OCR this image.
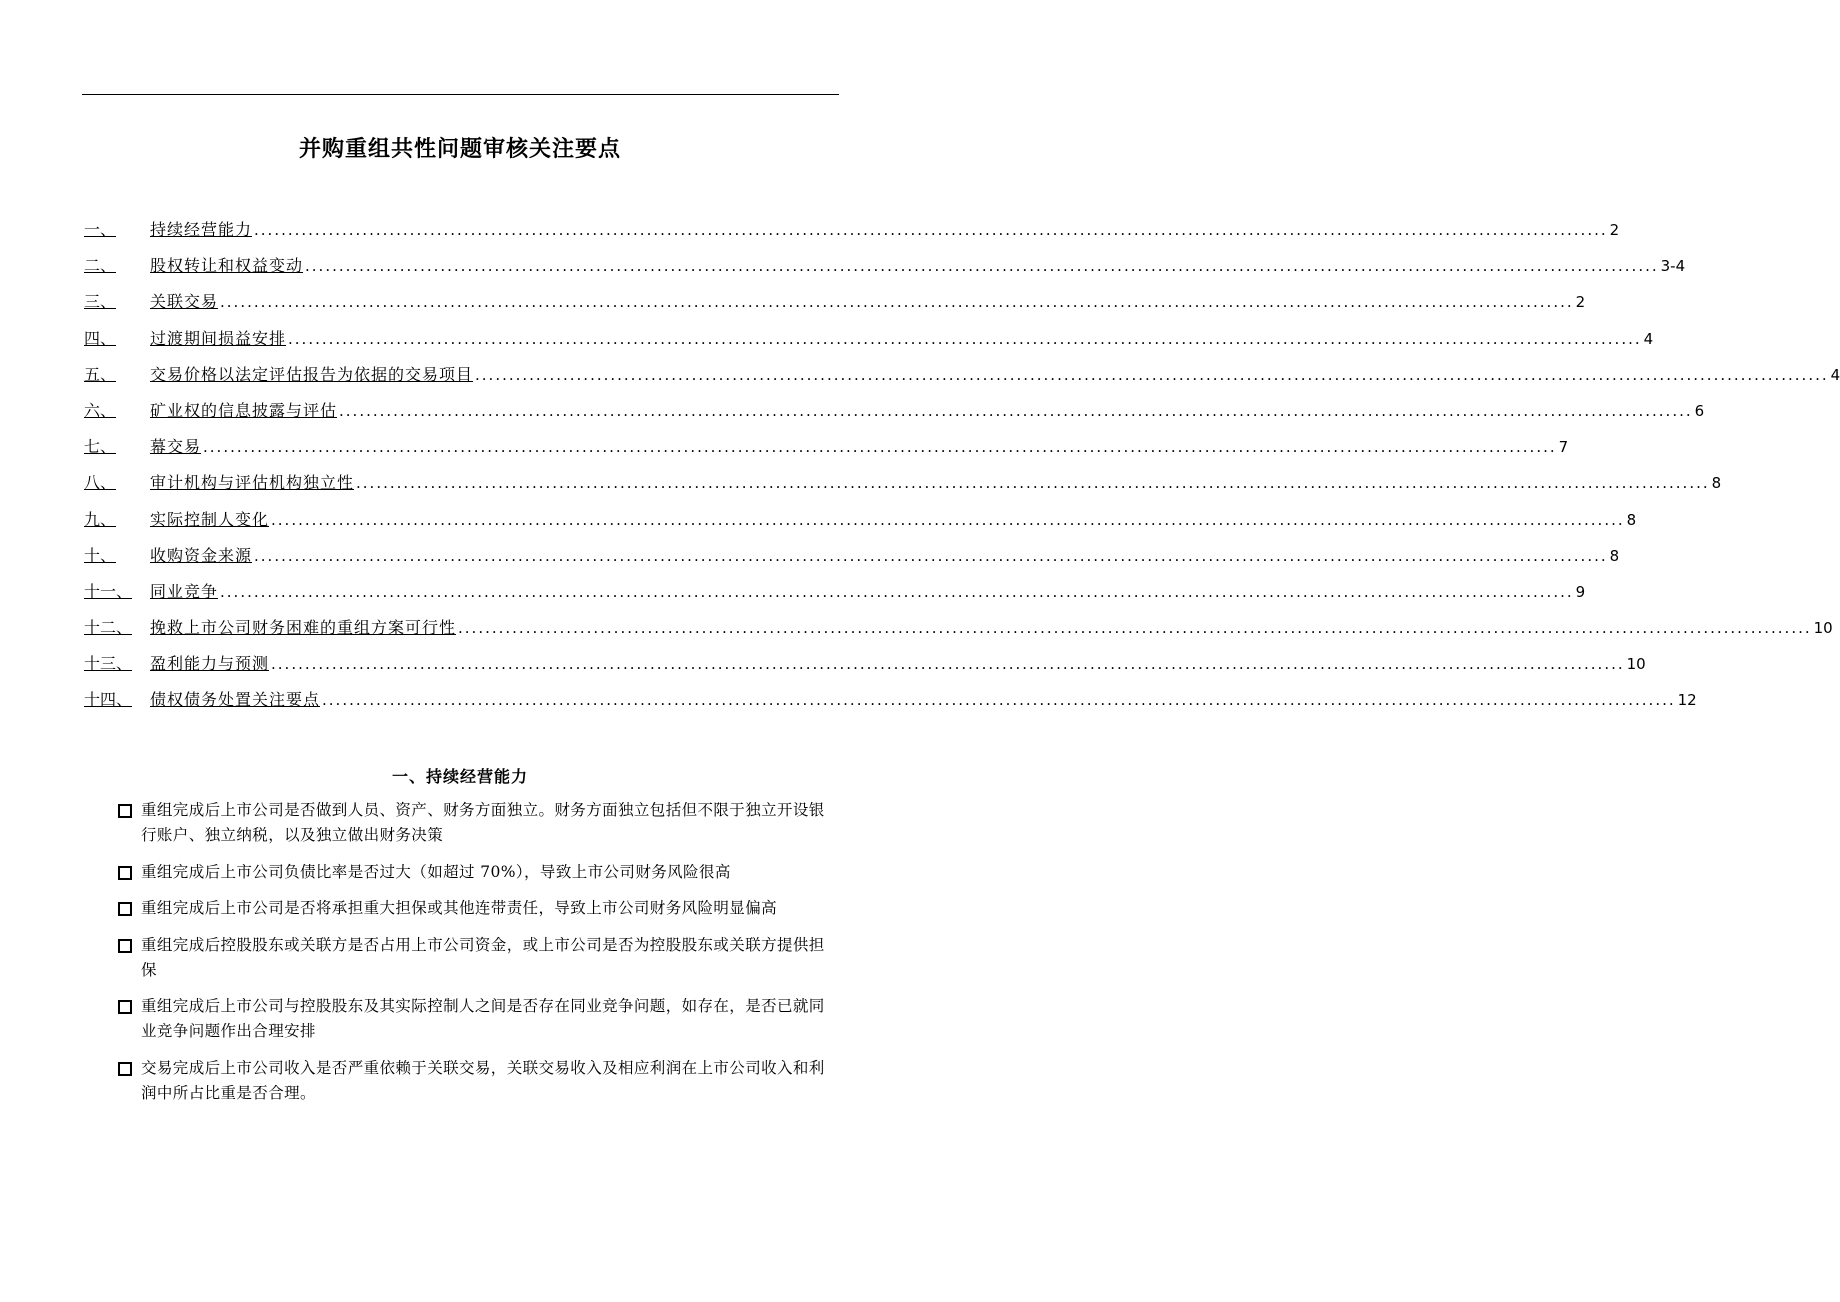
并购重组共性问题审核关注要点
一、	持续经营能力 ........................................................................................................................................................................................................ 2
二、	股权转让和权益变动 ........................................................................................................................................................................................................ 3-4
三、	关联交易 ........................................................................................................................................................................................................ 2
四、	过渡期间损益安排 ........................................................................................................................................................................................................ 4
五、	交易价格以法定评估报告为依据的交易项目 ........................................................................................................................................................................................................ 4
六、	矿业权的信息披露与评估 ........................................................................................................................................................................................................ 6
七、	幕交易 ........................................................................................................................................................................................................ 7
八、	审计机构与评估机构独立性 ........................................................................................................................................................................................................ 8
九、	实际控制人变化 ........................................................................................................................................................................................................ 8
十、	收购资金来源 ........................................................................................................................................................................................................ 8
十一、	同业竞争 ........................................................................................................................................................................................................ 9
十二、	挽救上市公司财务困难的重组方案可行性 ........................................................................................................................................................................................................ 10
十三、	盈利能力与预测 ........................................................................................................................................................................................................ 10
十四、	债权债务处置关注要点 ........................................................................................................................................................................................................ 12
一、持续经营能力
重组完成后上市公司是否做到人员、资产、财务方面独立。财务方面独立包括但不限于独立开设银行账户、独立纳税，以及独立做出财务决策
重组完成后上市公司负债比率是否过大（如超过 70%），导致上市公司财务风险很高
重组完成后上市公司是否将承担重大担保或其他连带责任，导致上市公司财务风险明显偏高
重组完成后控股股东或关联方是否占用上市公司资金，或上市公司是否为控股股东或关联方提供担保
重组完成后上市公司与控股股东及其实际控制人之间是否存在同业竞争问题，如存在，是否已就同业竞争问题作出合理安排
交易完成后上市公司收入是否严重依赖于关联交易，关联交易收入及相应利润在上市公司收入和利润中所占比重是否合理。
